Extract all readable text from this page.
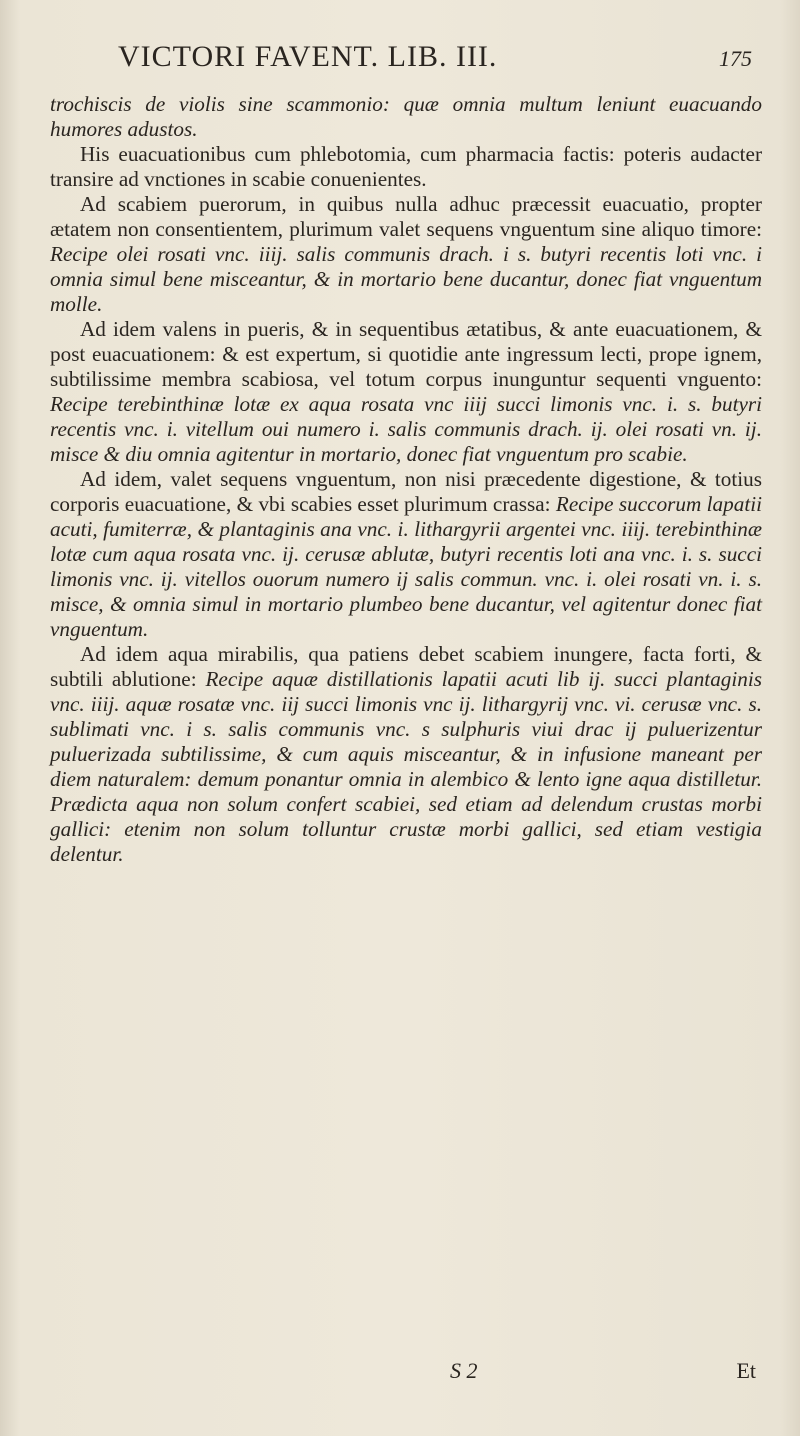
VICTORI FAVENT. LIB. III.	175

trochiscis de violis sine scammonio: quæ omnia multum leniunt euacuando humores adustos.

His euacuationibus cum phlebotomia, cum pharmacia factis: poteris audacter transire ad vnctiones in scabie conuenientes.

Ad scabiem puerorum, in quibus nulla adhuc præcessit euacuatio, propter ætatem non consentientem, plurimum valet sequens vnguentum sine aliquo timore: Recipe olei rosati vnc. iiij. salis communis drach. i s. butyri recentis loti vnc. i omnia simul bene misceantur, & in mortario bene ducantur, donec fiat vnguentum molle.

Ad idem valens in pueris, & in sequentibus ætatibus, & ante euacuationem, & post euacuationem: & est expertum, si quotidie ante ingressum lecti, prope ignem, subtilissime membra scabiosa, vel totum corpus inunguntur sequenti vnguento: Recipe terebinthinæ lotæ ex aqua rosata vnc iiij succi limonis vnc. i. s. butyri recentis vnc. i. vitellum oui numero i. salis communis drach. ij. olei rosati vn. ij. misce & diu omnia agitentur in mortario, donec fiat vnguentum pro scabie.

Ad idem, valet sequens vnguentum, non nisi præcedente digestione, & totius corporis euacuatione, & vbi scabies esset plurimum crassa: Recipe succorum lapatii acuti, fumiterræ, & plantaginis ana vnc. i. lithargyrii argentei vnc. iiij. terebinthinæ lotæ cum aqua rosata vnc. ij. cerusæ ablutæ, butyri recentis loti ana vnc. i. s. succi limonis vnc. ij. vitellos ouorum numero ij salis commun. vnc. i. olei rosati vn. i. s. misce, & omnia simul in mortario plumbeo bene ducantur, vel agitentur donec fiat vnguentum.

Ad idem aqua mirabilis, qua patiens debet scabiem inungere, facta forti, & subtili ablutione: Recipe aquæ distillationis lapatii acuti lib ij. succi plantaginis vnc. iiij. aquæ rosatæ vnc. iij succi limonis vnc ij. lithargyrij vnc. vi. cerusæ vnc. s. sublimati vnc. i s. salis communis vnc. s sulphuris viui drac ij puluerizentur puluerizada subtilissime, & cum aquis misceantur, & in infusione maneant per diem naturalem: demum ponantur omnia in alembico & lento igne aqua distilletur. Prædicta aqua non solum confert scabiei, sed etiam ad delendum crustas morbi gallici: etenim non solum tolluntur crustæ morbi gallici, sed etiam vestigia delentur.

S 2	Et
